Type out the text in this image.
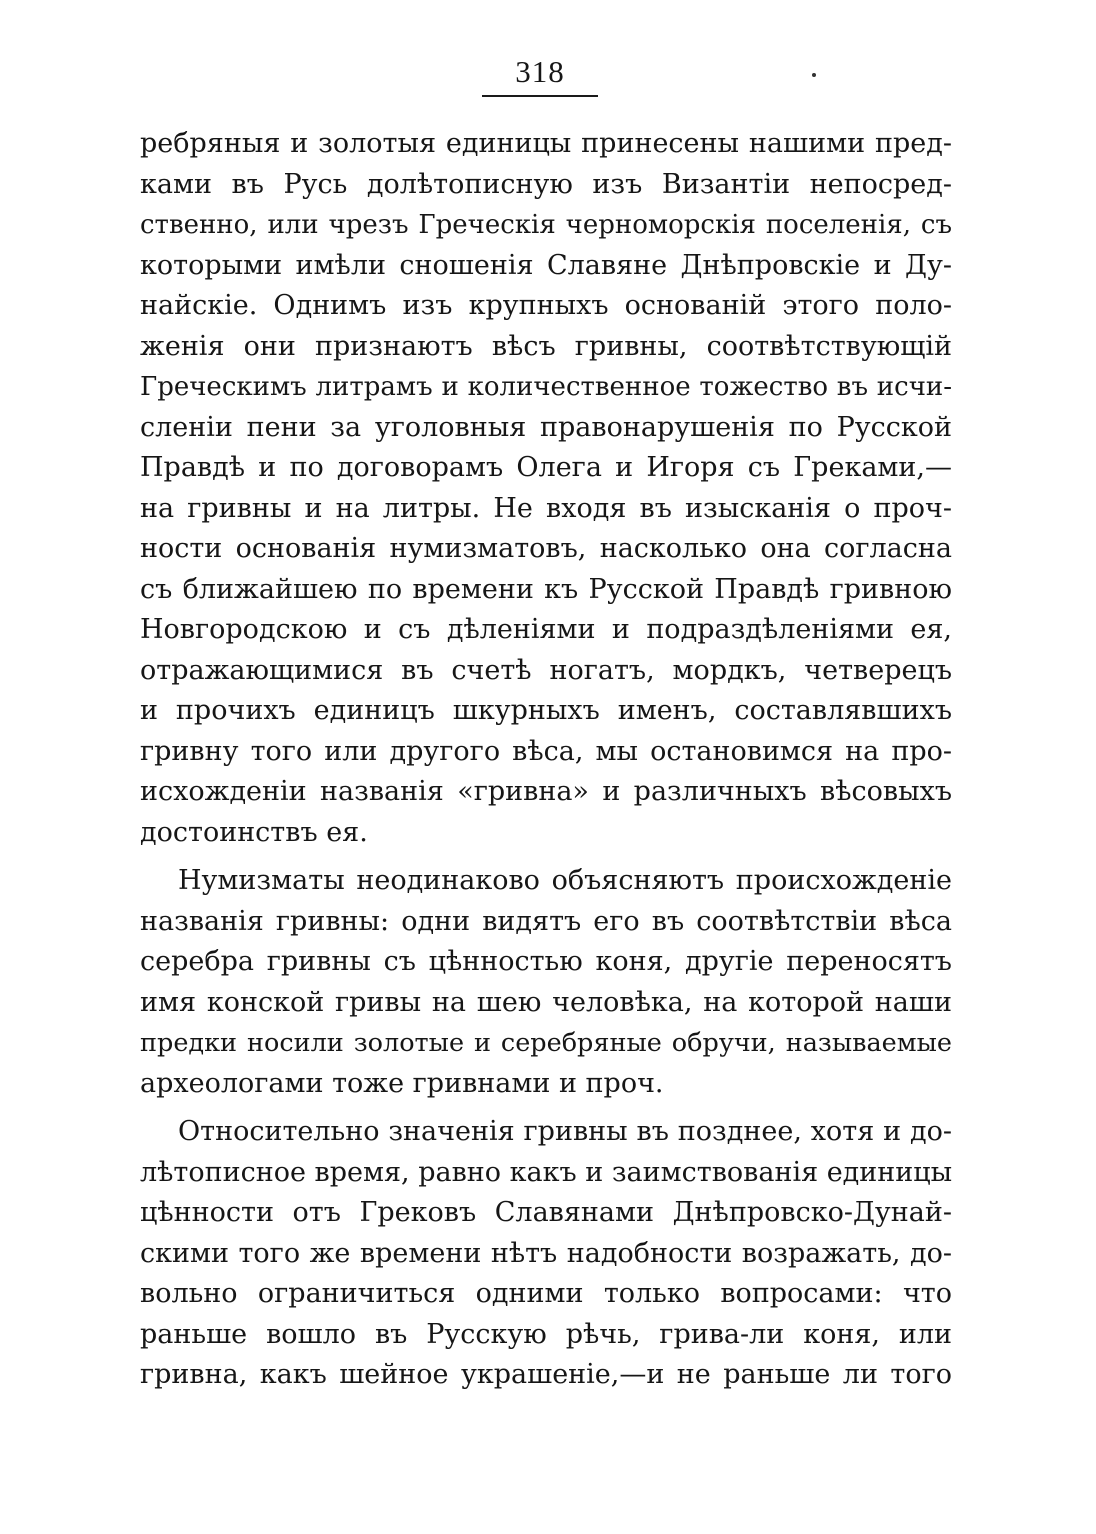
318
ребряныя и золотыя единицы принесены нашими пред-
ками въ Русь долѣтописную изъ Византіи непосред-
ственно, или чрезъ Греческія черноморскія поселенія, съ
которыми имѣли сношенія Славяне Днѣпровскіе и Ду-
найскіе. Однимъ изъ крупныхъ основаній этого поло-
женія они признаютъ вѣсъ гривны, соотвѣтствующій
Греческимъ литрамъ и количественное тожество въ исчи-
сленіи пени за уголовныя правонарушенія по Русской
Правдѣ и по договорамъ Олега и Игоря съ Греками,—
на гривны и на литры. Не входя въ изысканія о проч-
ности основанія нумизматовъ, насколько она согласна
съ ближайшею по времени къ Русской Правдѣ гривною
Новгородскою и съ дѣленіями и подраздѣленіями ея,
отражающимися въ счетѣ ногатъ, мордкъ, четверецъ
и прочихъ единицъ шкурныхъ именъ, составлявшихъ
гривну того или другого вѣса, мы остановимся на про-
исхожденіи названія «гривна» и различныхъ вѣсовыхъ
достоинствъ ея.
Нумизматы неодинаково объясняютъ происхожденіе
названія гривны: одни видятъ его въ соотвѣтствіи вѣса
серебра гривны съ цѣнностью коня, другіе переносятъ
имя конской гривы на шею человѣка, на которой наши
предки носили золотые и серебряные обручи, называемые
археологами тоже гривнами и проч.
Относительно значенія гривны въ позднее, хотя и до-
лѣтописное время, равно какъ и заимствованія единицы
цѣнности отъ Грековъ Славянами Днѣпровско-Дунай-
скими того же времени нѣтъ надобности возражать, до-
вольно ограничиться одними только вопросами: что
раньше вошло въ Русскую рѣчь, грива-ли коня, или
гривна, какъ шейное украшеніе,—и не раньше ли того
